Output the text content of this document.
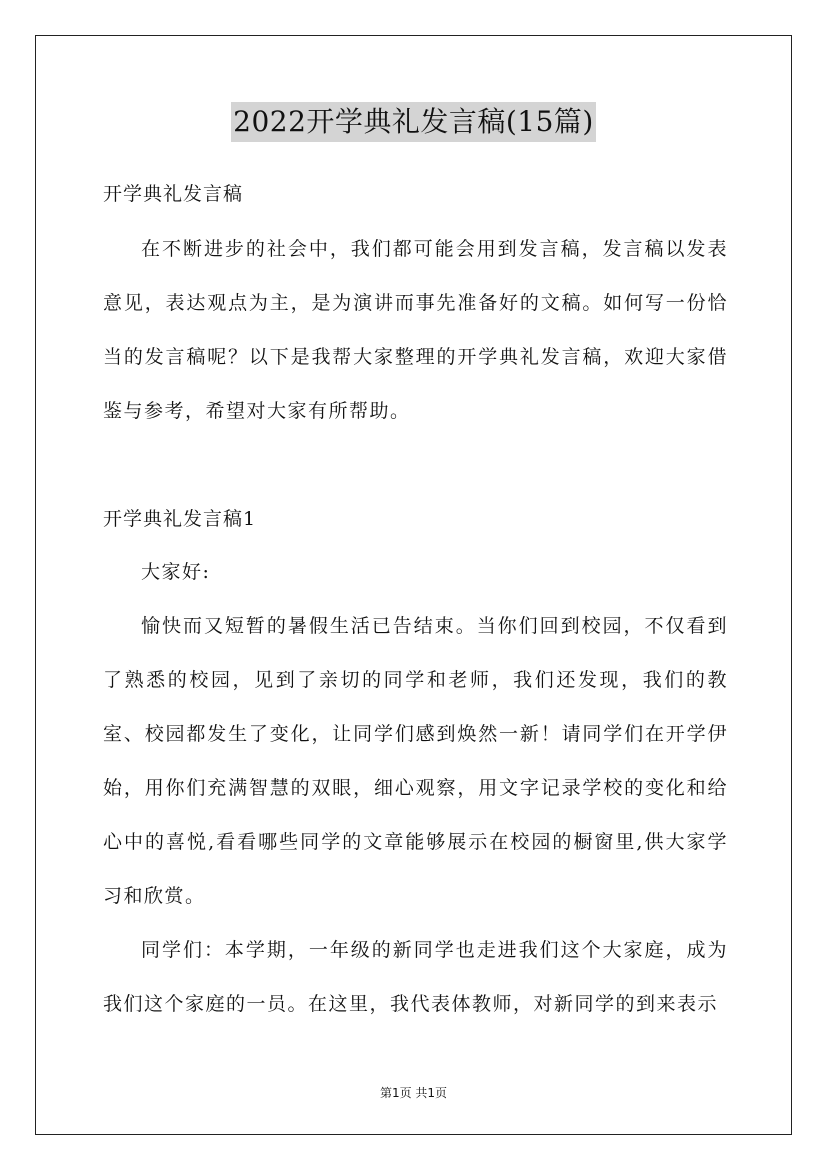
2022开学典礼发言稿(15篇)
开学典礼发言稿

在不断进步的社会中，我们都可能会用到发言稿，发言稿以发表意见，表达观点为主，是为演讲而事先准备好的文稿。如何写一份恰当的发言稿呢？以下是我帮大家整理的开学典礼发言稿，欢迎大家借鉴与参考，希望对大家有所帮助。

开学典礼发言稿1

大家好:

愉快而又短暂的暑假生活已告结束。当你们回到校园，不仅看到了熟悉的校园，见到了亲切的同学和老师，我们还发现，我们的教室、校园都发生了变化，让同学们感到焕然一新！请同学们在开学伊始，用你们充满智慧的双眼，细心观察，用文字记录学校的变化和给心中的喜悦,看看哪些同学的文章能够展示在校园的橱窗里,供大家学习和欣赏。

同学们：本学期，一年级的新同学也走进我们这个大家庭，成为我们这个家庭的一员。在这里，我代表体教师，对新同学的到来表示

第1页 共1页
